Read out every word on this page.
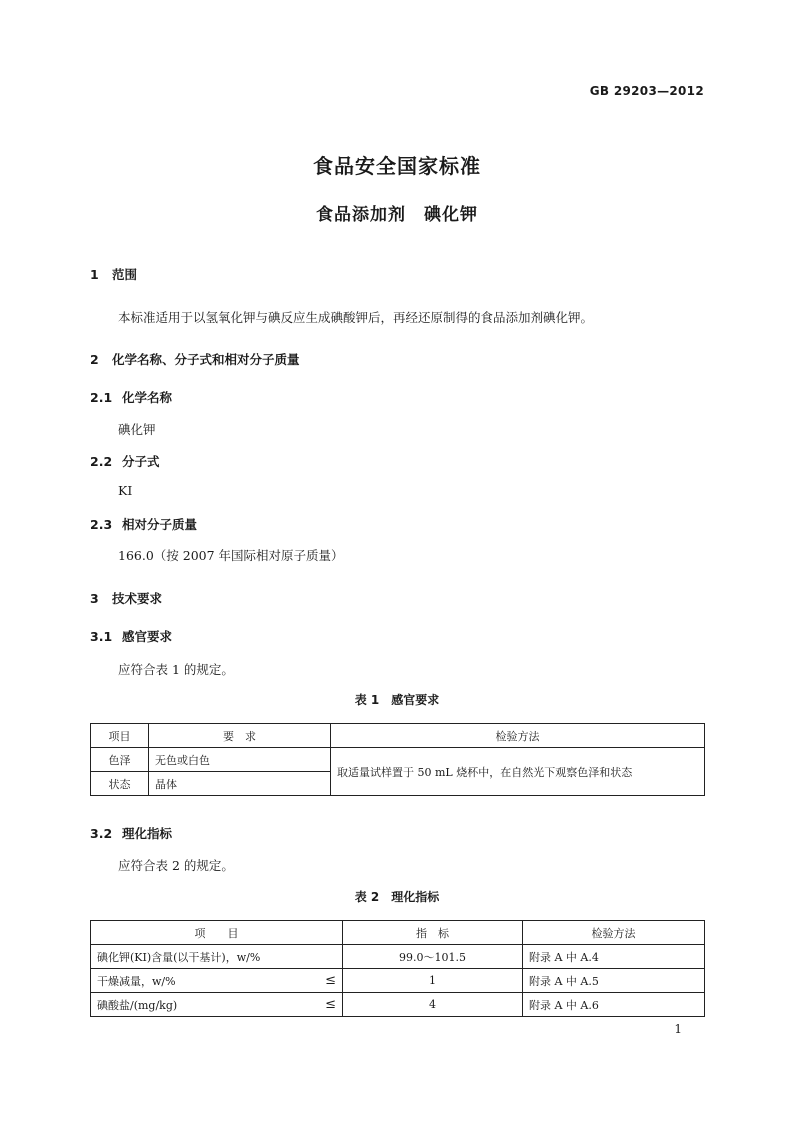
GB 29203—2012
食品安全国家标准
食品添加剂　碘化钾
1 范围
本标准适用于以氢氧化钾与碘反应生成碘酸钾后，再经还原制得的食品添加剂碘化钾。
2 化学名称、分子式和相对分子质量
2.1 化学名称
碘化钾
2.2 分子式
KI
2.3 相对分子质量
166.0（按 2007 年国际相对原子质量）
3 技术要求
3.1 感官要求
应符合表 1 的规定。
表 1　感官要求
项目	要　求	检验方法
色泽	无色或白色	取适量试样置于 50 mL 烧杯中，在自然光下观察色泽和状态
状态	晶体	
3.2 理化指标
应符合表 2 的规定。
表 2　理化指标
项　　目	指　标	检验方法
碘化钾(KI)含量(以干基计)，w/%	99.0～101.5	附录 A 中 A.4
干燥减量，w/% ≤	1	附录 A 中 A.5
碘酸盐/(mg/kg) ≤	4	附录 A 中 A.6
1
